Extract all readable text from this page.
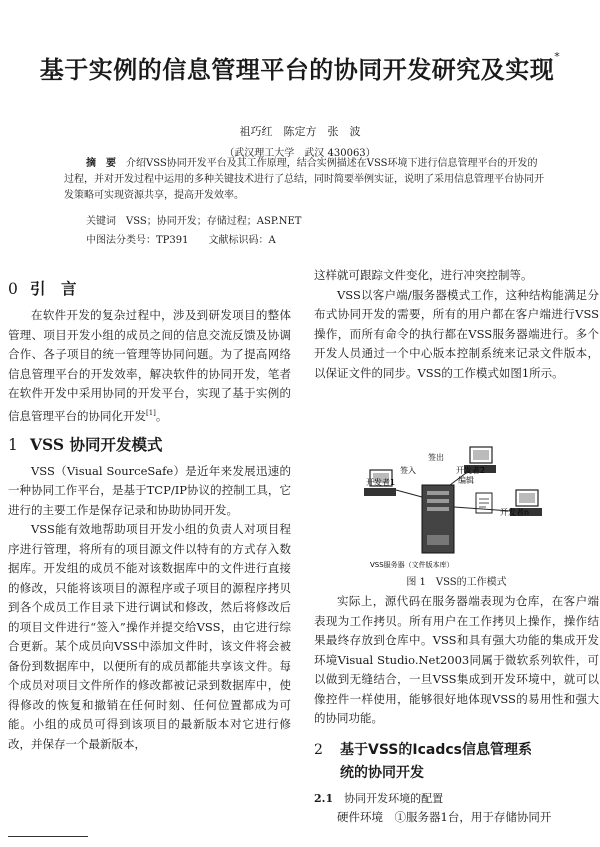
基于实例的信息管理平台的协同开发研究及实现*
祖巧红　陈定方　张　波
（武汉理工大学　武汉 430063）
摘　要　 介绍VSS协同开发平台及其工作原理，结合实例描述在VSS环境下进行信息管理平台的开发的过程，并对开发过程中运用的多种关键技术进行了总结，同时简要举例实证，说明了采用信息管理平台协同开发策略可实现资源共享，提高开发效率。
关键词　 VSS；协同开发；存储过程；ASP.NET
中图法分类号：TP391　　 文献标识码：A
0 引　言

在软件开发的复杂过程中，涉及到研发项目的整体管理、项目开发小组的成员之间的信息交流反馈及协调合作、各子项目的统一管理等协同问题。为了提高网络信息管理平台的开发效率，解决软件的协同开发，笔者在软件开发中采用协同的开发平台，实现了基于实例的信息管理平台的协同化开发[1]。

1 VSS 协同开发模式

VSS（Visual SourceSafe）是近年来发展迅速的一种协同工作平台，是基于TCP/IP协议的控制工具，它进行的主要工作是保存记录和协助协同开发。

VSS能有效地帮助项目开发小组的负责人对项目程序进行管理，将所有的项目源文件以特有的方式存入数据库。开发组的成员不能对该数据库中的文件进行直接的修改，只能将该项目的源程序或子项目的源程序拷贝到各个成员工作目录下进行调试和修改，然后将修改后的项目文件进行“签入”操作并提交给VSS，由它进行综合更新。某个成员向VSS中添加文件时，该文件将会被备份到数据库中，以便所有的成员都能共享该文件。每个成员对项目文件所作的修改都被记录到数据库中，使得修改的恢复和撤销在任何时刻、任何位置都成为可能。小组的成员可得到该项目的最新版本对它进行修改，并保存一个最新版本，

这样就可跟踪文件变化，进行冲突控制等。

VSS以客户端/服务器模式工作，这种结构能满足分布式协同开发的需要，所有的用户都在客户端进行VSS操作，而所有命令的执行都在VSS服务器端进行。多个开发人员通过一个中心版本控制系统来记录文件版本，以保证文件的同步。VSS的工作模式如图1所示。

签入
签出
开发者1
开发者2
编辑
开发者n
VSS服务器（文件版本库）
图 1　VSS的工作模式

实际上，源代码在服务器端表现为仓库，在客户端表现为工作拷贝。所有用户在工作拷贝上操作，操作结果最终存放到仓库中。VSS和具有强大功能的集成开发环境Visual Studio.Net2003同属于微软系列软件，可以做到无缝结合，一旦VSS集成到开发环境中，就可以像控件一样使用，能够很好地体现VSS的易用性和强大的协同功能。

2 基于VSS的Icadcs信息管理系
统的协同开发

2.1　 协同开发环境的配置

硬件环境　①服务器1台，用于存储协同开
